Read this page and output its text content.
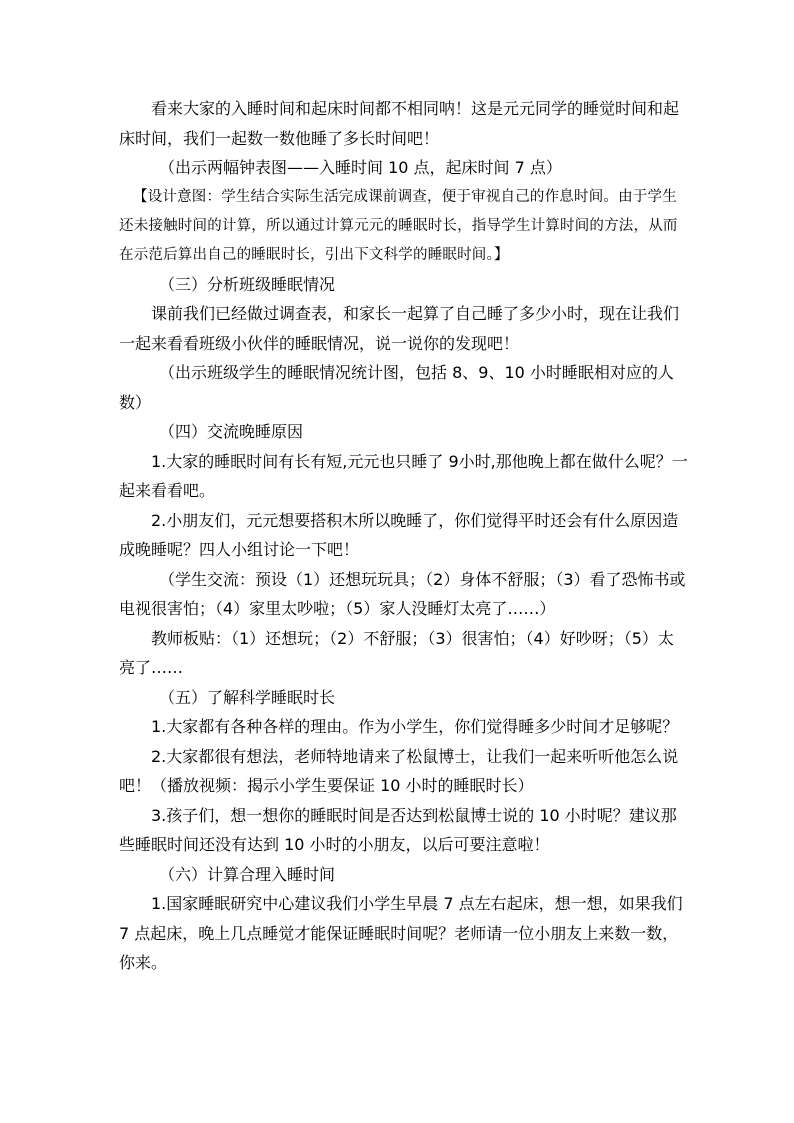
看来大家的入睡时间和起床时间都不相同呐！这是元元同学的睡觉时间和起床时间，我们一起数一数他睡了多长时间吧！

（出示两幅钟表图——入睡时间 10 点，起床时间 7 点）

【设计意图：学生结合实际生活完成课前调查，便于审视自己的作息时间。由于学生还未接触时间的计算，所以通过计算元元的睡眠时长，指导学生计算时间的方法，从而在示范后算出自己的睡眠时长，引出下文科学的睡眠时间。】

（三）分析班级睡眠情况

课前我们已经做过调查表，和家长一起算了自己睡了多少小时，现在让我们一起来看看班级小伙伴的睡眠情况，说一说你的发现吧！

（出示班级学生的睡眠情况统计图，包括 8、9、10 小时睡眠相对应的人数）

（四）交流晚睡原因

1.大家的睡眠时间有长有短,元元也只睡了 9小时,那他晚上都在做什么呢？一起来看看吧。

2.小朋友们，元元想要搭积木所以晚睡了，你们觉得平时还会有什么原因造成晚睡呢？四人小组讨论一下吧！

（学生交流：预设（1）还想玩玩具；（2）身体不舒服；（3）看了恐怖书或电视很害怕；（4）家里太吵啦；（5）家人没睡灯太亮了……）

教师板贴：（1）还想玩；（2）不舒服；（3）很害怕；（4）好吵呀；（5）太亮了……

（五）了解科学睡眠时长

1.大家都有各种各样的理由。作为小学生，你们觉得睡多少时间才足够呢？

2.大家都很有想法，老师特地请来了松鼠博士，让我们一起来听听他怎么说吧！（播放视频：揭示小学生要保证 10 小时的睡眠时长）

3.孩子们，想一想你的睡眠时间是否达到松鼠博士说的 10 小时呢？建议那些睡眠时间还没有达到 10 小时的小朋友，以后可要注意啦！

（六）计算合理入睡时间

1.国家睡眠研究中心建议我们小学生早晨 7 点左右起床，想一想，如果我们 7 点起床，晚上几点睡觉才能保证睡眠时间呢？老师请一位小朋友上来数一数，你来。
